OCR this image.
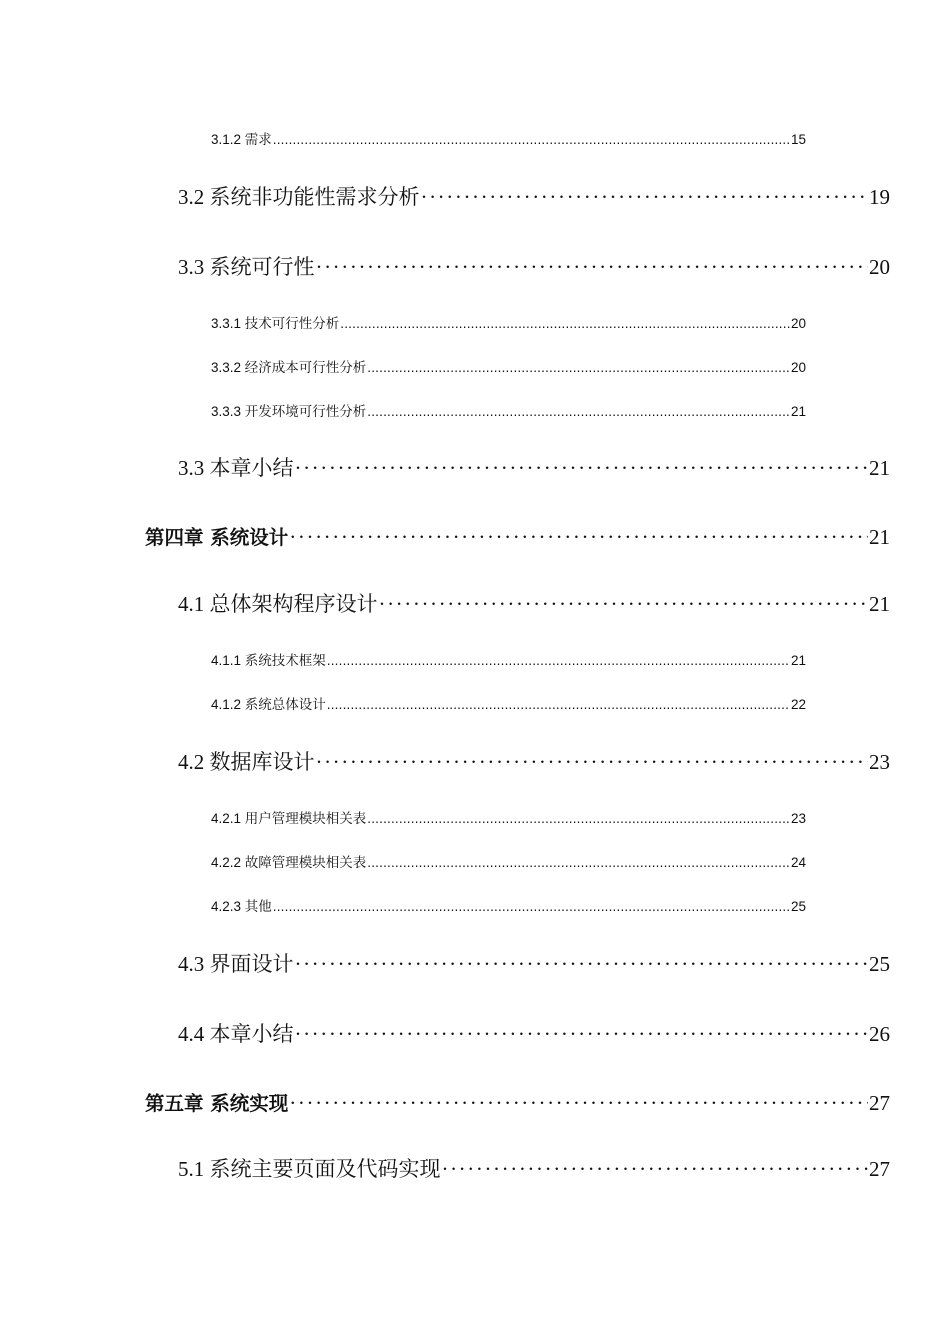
3.1.2 需求 .....	15
3.2 系统非功能性需求分析 ·····	19
3.3 系统可行性 ·····	20
3.3.1 技术可行性分析 .....	20
3.3.2 经济成本可行性分析 .....	20
3.3.3 开发环境可行性分析 .....	21
3.3 本章小结 ·····	21
第四章 系统设计 ·····	21
4.1 总体架构程序设计 ·····	21
4.1.1 系统技术框架 .....	21
4.1.2 系统总体设计 .....	22
4.2 数据库设计 ·····	23
4.2.1 用户管理模块相关表 .....	23
4.2.2 故障管理模块相关表 .....	24
4.2.3 其他 .....	25
4.3 界面设计 ·····	25
4.4 本章小结 ·····	26
第五章 系统实现 ·····	27
5.1 系统主要页面及代码实现 ·····	27
